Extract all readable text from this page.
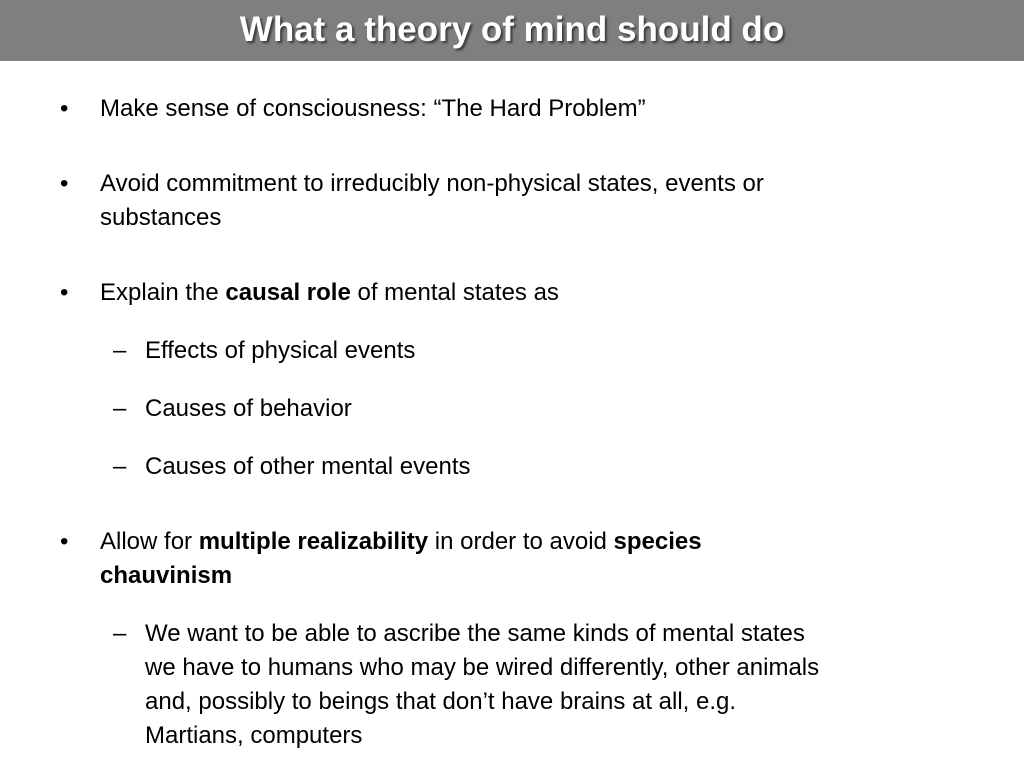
What a theory of mind should do
• Make sense of consciousness: “The Hard Problem”
• Avoid commitment to irreducibly non-physical states, events or
substances
• Explain the causal role of mental states as
– Effects of physical events
– Causes of behavior
– Causes of other mental events
• Allow for multiple realizability in order to avoid species
chauvinism
– We want to be able to ascribe the same kinds of mental states
we have to humans who may be wired differently, other animals
and, possibly to beings that don’t have brains at all, e.g.
Martians, computers
